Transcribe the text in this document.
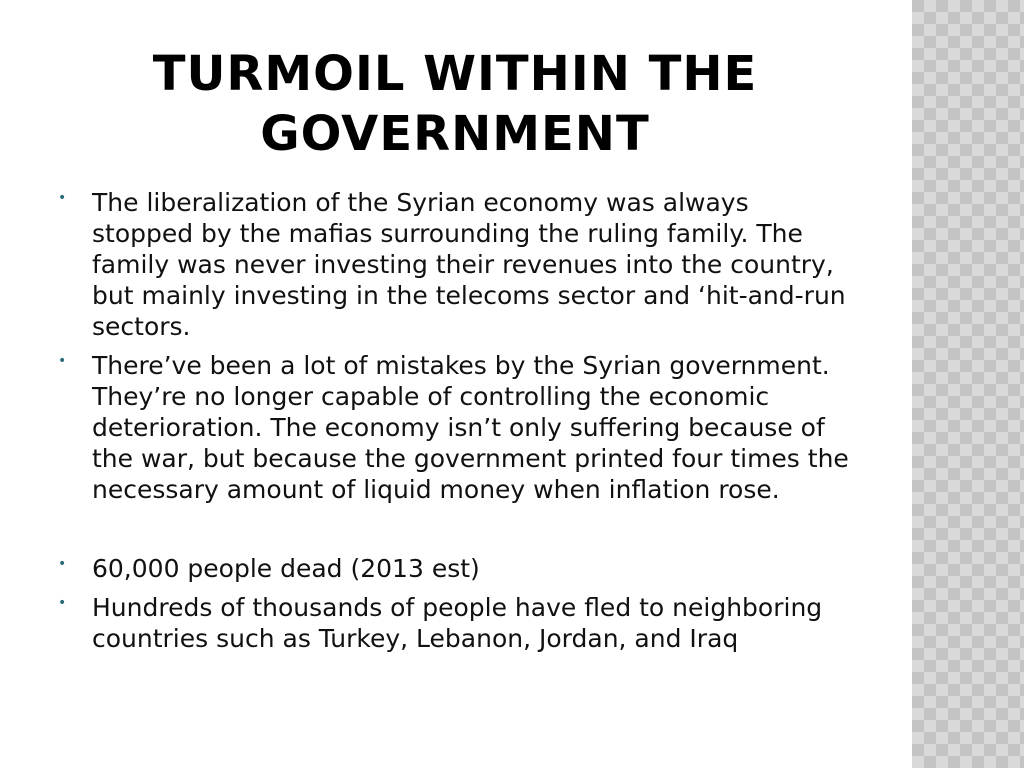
TURMOIL WITHIN THE GOVERNMENT
• The liberalization of the Syrian economy was always stopped by the mafias surrounding the ruling family. The family was never investing their revenues into the country, but mainly investing in the telecoms sector and ‘hit-and-run sectors.
• There’ve been a lot of mistakes by the Syrian government. They’re no longer capable of controlling the economic deterioration. The economy isn’t only suffering because of the war, but because the government printed four times the necessary amount of liquid money when inflation rose.
• 60,000 people dead (2013 est)
• Hundreds of thousands of people have fled to neighboring countries such as Turkey, Lebanon, Jordan, and Iraq
